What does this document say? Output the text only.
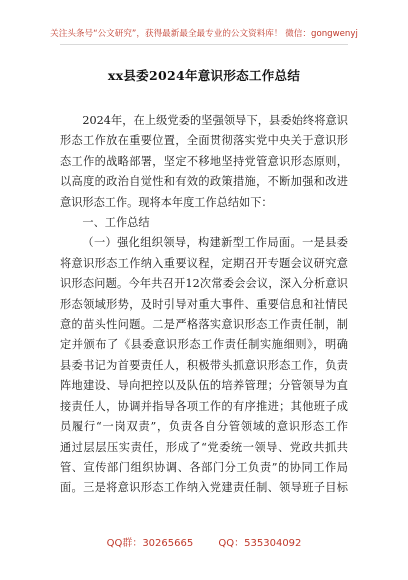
关注头条号“公文研究”，获得最新最全最专业的公文资料库！ 微信：gongwenyj
xx县委2024年意识形态工作总结
2024年，在上级党委的坚强领导下，县委始终将意识
形态工作放在重要位置，全面贯彻落实党中央关于意识形
态工作的战略部署，坚定不移地坚持党管意识形态原则，
以高度的政治自觉性和有效的政策措施，不断加强和改进
意识形态工作。现将本年度工作总结如下：
一、工作总结
（一）强化组织领导，构建新型工作局面。一是县委
将意识形态工作纳入重要议程，定期召开专题会议研究意
识形态问题。今年共召开12次常委会会议，深入分析意识
形态领域形势，及时引导对重大事件、重要信息和社情民
意的苗头性问题。二是严格落实意识形态工作责任制，制
定并颁布了《县委意识形态工作责任制实施细则》，明确
县委书记为首要责任人，积极带头抓意识形态工作，负责
阵地建设、导向把控以及队伍的培养管理；分管领导为直
接责任人，协调并指导各项工作的有序推进；其他班子成
员履行“一岗双责”，负责各自分管领域的意识形态工作
通过层层压实责任，形成了“党委统一领导、党政共抓共
管、宣传部门组织协调、各部门分工负责”的协同工作局
面。三是将意识形态工作纳入党建责任制、领导班子目标
QQ群：30265665	QQ：535304092
